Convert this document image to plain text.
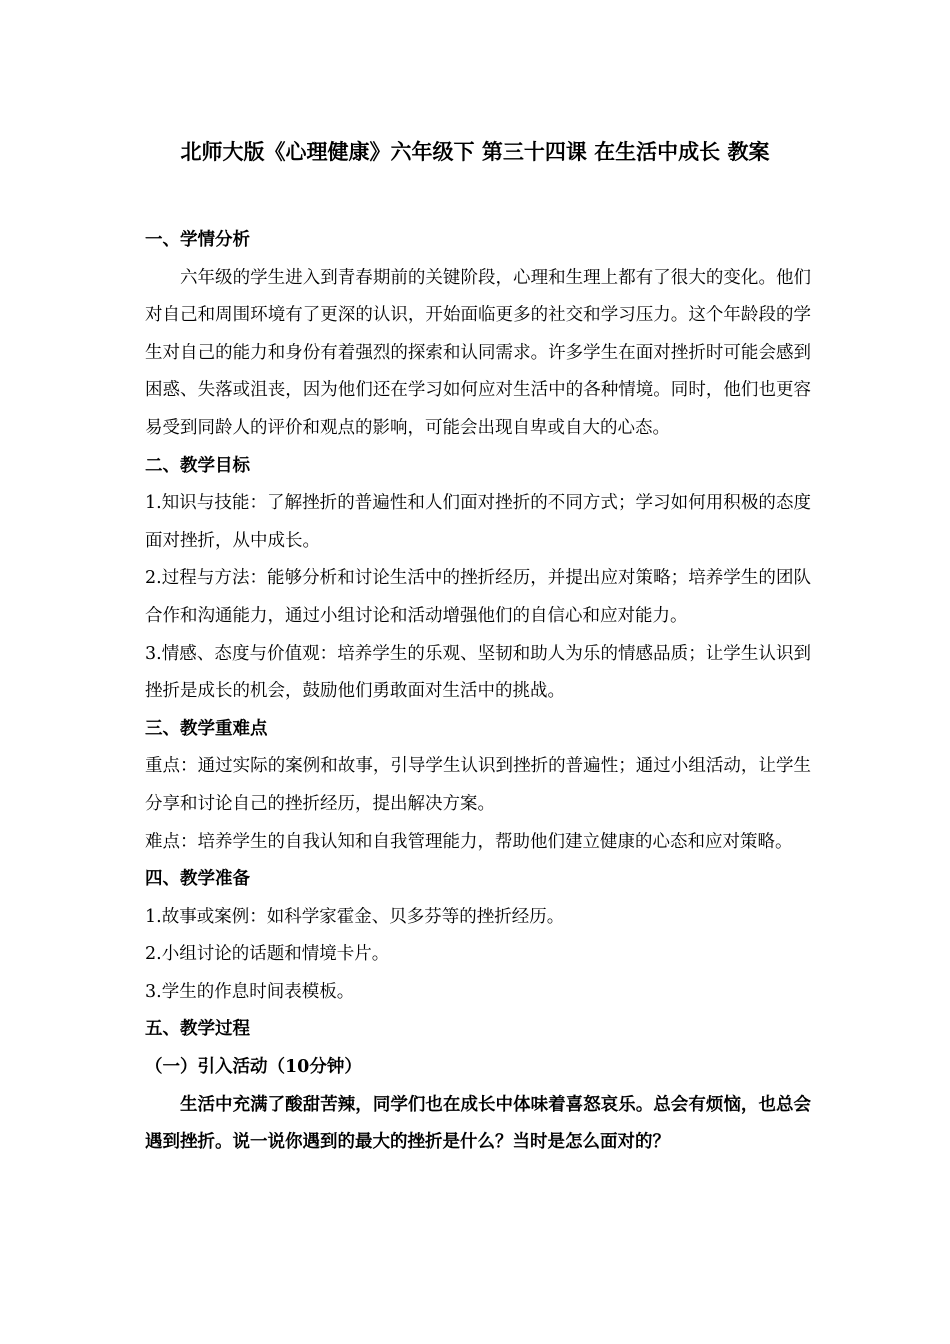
北师大版《心理健康》六年级下 第三十四课 在生活中成长 教案

一、学情分析

六年级的学生进入到青春期前的关键阶段，心理和生理上都有了很大的变化。他们对自己和周围环境有了更深的认识，开始面临更多的社交和学习压力。这个年龄段的学生对自己的能力和身份有着强烈的探索和认同需求。许多学生在面对挫折时可能会感到困惑、失落或沮丧，因为他们还在学习如何应对生活中的各种情境。同时，他们也更容易受到同龄人的评价和观点的影响，可能会出现自卑或自大的心态。

二、教学目标

1.知识与技能：了解挫折的普遍性和人们面对挫折的不同方式；学习如何用积极的态度面对挫折，从中成长。

2.过程与方法：能够分析和讨论生活中的挫折经历，并提出应对策略；培养学生的团队合作和沟通能力，通过小组讨论和活动增强他们的自信心和应对能力。

3.情感、态度与价值观：培养学生的乐观、坚韧和助人为乐的情感品质；让学生认识到挫折是成长的机会，鼓励他们勇敢面对生活中的挑战。

三、教学重难点

重点：通过实际的案例和故事，引导学生认识到挫折的普遍性；通过小组活动，让学生分享和讨论自己的挫折经历，提出解决方案。

难点：培养学生的自我认知和自我管理能力，帮助他们建立健康的心态和应对策略。

四、教学准备

1.故事或案例：如科学家霍金、贝多芬等的挫折经历。

2.小组讨论的话题和情境卡片。

3.学生的作息时间表模板。

五、教学过程

（一）引入活动（10分钟）

生活中充满了酸甜苦辣，同学们也在成长中体味着喜怒哀乐。总会有烦恼，也总会遇到挫折。说一说你遇到的最大的挫折是什么？当时是怎么面对的？
